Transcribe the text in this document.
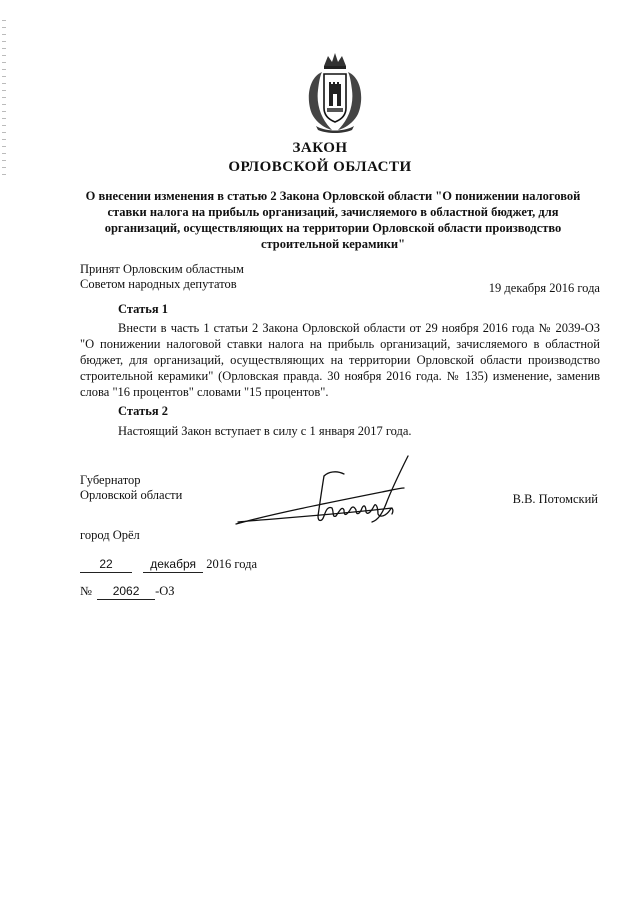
ЗАКОН
ОРЛОВСКОЙ ОБЛАСТИ
О внесении изменения в статью 2 Закона Орловской области "О понижении налоговой ставки налога на прибыль организаций, зачисляемого в областной бюджет, для организаций, осуществляющих на территории Орловской области производство строительной керамики"
Принят Орловским областным
Советом народных депутатов	19 декабря 2016 года
Статья 1
Внести в часть 1 статьи 2 Закона Орловской области от 29 ноября 2016 года № 2039-ОЗ "О понижении налоговой ставки налога на прибыль организаций, зачисляемого в областной бюджет, для организаций, осуществляющих на территории Орловской области производство строительной керамики" (Орловская правда. 30 ноября 2016 года. № 135) изменение, заменив слова "16 процентов" словами "15 процентов".
Статья 2
Настоящий Закон вступает в силу с 1 января 2017 года.
Губернатор
Орловской области	В.В. Потомский
город Орёл
22	декабря 2016 года
№ 2062 -ОЗ
